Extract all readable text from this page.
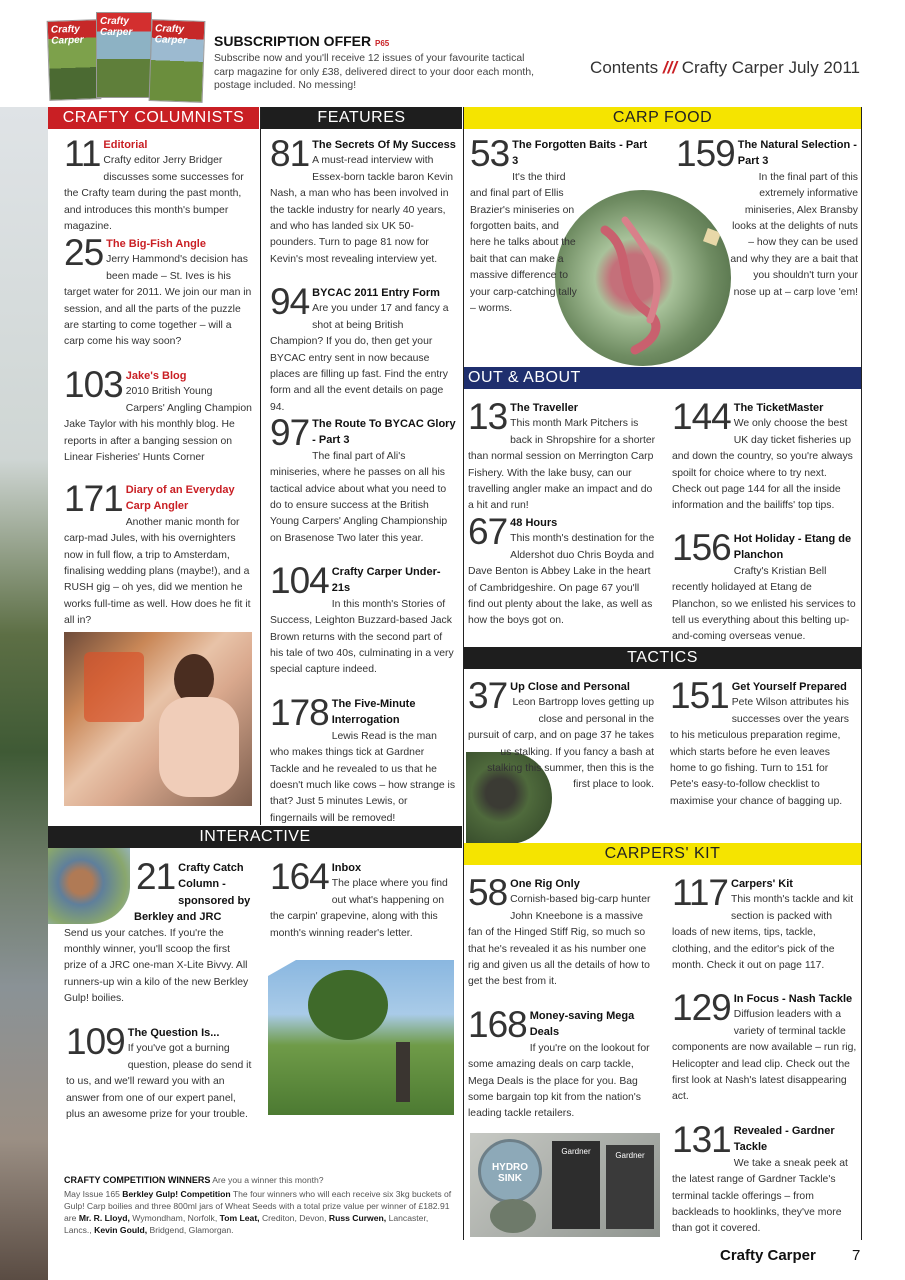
Crafty Carper
Crafty Carper	Crafty Carper	SUBSCRIPTION OFFER P65
Subscribe now and you'll receive 12 issues of your favourite tactical carp magazine for only £38, delivered direct to your door each month, postage included. No messing!
Contents /// Crafty Carper July 2011
CRAFTY COLUMNISTS	FEATURES	CARP FOOD
11 Editorial
Crafty editor Jerry Bridger discusses some successes for the Crafty team during the past month, and introduces this month's bumper magazine.
25 The Big-Fish Angle
Jerry Hammond's decision has been made – St. Ives is his target water for 2011. We join our man in session, and all the parts of the puzzle are starting to come together – will a carp come his way soon?
103 Jake's Blog
2010 British Young Carpers' Angling Champion Jake Taylor with his monthly blog. He reports in after a banging session on Linear Fisheries' Hunts Corner
171 Diary of an Everyday Carp Angler
Another manic month for carp-mad Jules, with his overnighters now in full flow, a trip to Amsterdam, finalising wedding plans (maybe!), and a RUSH gig – oh yes, did we mention he works full-time as well. How does he fit it all in?
81 The Secrets Of My Success
A must-read interview with Essex-born tackle baron Kevin Nash, a man who has been involved in the tackle industry for nearly 40 years, and who has landed six UK 50-pounders. Turn to page 81 now for Kevin's most revealing interview yet.
94 BYCAC 2011 Entry Form
Are you under 17 and fancy a shot at being British Champion? If you do, then get your BYCAC entry sent in now because places are filling up fast. Find the entry form and all the event details on page 94.
97 The Route To BYCAC Glory - Part 3
The final part of Ali's miniseries, where he passes on all his tactical advice about what you need to do to ensure success at the British Young Carpers' Angling Championship on Brasenose Two later this year.
104 Crafty Carper Under-21s
In this month's Stories of Success, Leighton Buzzard-based Jack Brown returns with the second part of his tale of two 40s, culminating in a very special capture indeed.
178 The Five-Minute Interrogation
Lewis Read is the man who makes things tick at Gardner Tackle and he revealed to us that he doesn't much like cows – how strange is that? Just 5 minutes Lewis, or fingernails will be removed!
53 The Forgotten Baits - Part 3
It's the third and final part of Ellis Brazier's miniseries on forgotten baits, and here he talks about the bait that can make a massive difference to your carp-catching tally – worms.
159 The Natural Selection - Part 3
In the final part of this extremely informative miniseries, Alex Bransby looks at the delights of nuts – how they can be used and why they are a bait that you shouldn't turn your nose up at – carp love 'em!
OUT & ABOUT
13 The Traveller
This month Mark Pitchers is back in Shropshire for a shorter than normal session on Merrington Carp Fishery. With the lake busy, can our travelling angler make an impact and do a hit and run!
144 The TicketMaster
We only choose the best UK day ticket fisheries up and down the country, so you're always spoilt for choice where to try next. Check out page 144 for all the inside information and the bailiffs' top tips.
67 48 Hours
This month's destination for the Aldershot duo Chris Boyda and Dave Benton is Abbey Lake in the heart of Cambridgeshire. On page 67 you'll find out plenty about the lake, as well as how the boys got on.
156 Hot Holiday - Etang de Planchon
Crafty's Kristian Bell recently holidayed at Etang de Planchon, so we enlisted his services to tell us everything about this belting up-and-coming overseas venue.
TACTICS
37 Up Close and Personal
Leon Bartropp loves getting up close and personal in the pursuit of carp, and on page 37 he takes us stalking. If you fancy a bash at stalking this summer, then this is the first place to look.
151 Get Yourself Prepared
Pete Wilson attributes his successes over the years to his meticulous preparation regime, which starts before he even leaves home to go fishing. Turn to 151 for Pete's easy-to-follow checklist to maximise your chance of bagging up.
INTERACTIVE
21 Crafty Catch Column - sponsored by Berkley and JRC
Send us your catches. If you're the monthly winner, you'll scoop the first prize of a JRC one-man X-Lite Bivvy. All runners-up win a kilo of the new Berkley Gulp! boilies.
164 Inbox
The place where you find out what's happening on the carpin' grapevine, along with this month's winning reader's letter.
109 The Question Is...
If you've got a burning question, please do send it to us, and we'll reward you with an answer from one of our expert panel, plus an awesome prize for your trouble.
CRAFTY COMPETITION WINNERS Are you a winner this month?
May Issue 165 Berkley Gulp! Competition The four winners who will each receive six 3kg buckets of Gulp! Carp boilies and three 800ml jars of Wheat Seeds with a total prize value per winner of £182.91 are Mr. R. Lloyd, Wymondham, Norfolk, Tom Leat, Crediton, Devon, Russ Curwen, Lancaster, Lancs., Kevin Gould, Bridgend, Glamorgan.
CARPERS' KIT
58 One Rig Only
Cornish-based big-carp hunter John Kneebone is a massive fan of the Hinged Stiff Rig, so much so that he's revealed it as his number one rig and given us all the details of how to get the best from it.
117 Carpers' Kit
This month's tackle and kit section is packed with loads of new items, tips, tackle, clothing, and the editor's pick of the month. Check it out on page 117.
168 Money-saving Mega Deals
If you're on the lookout for some amazing deals on carp tackle, Mega Deals is the place for you. Bag some bargain top kit from the nation's leading tackle retailers.
129 In Focus - Nash Tackle
Diffusion leaders with a variety of terminal tackle components are now available – run rig, Helicopter and lead clip. Check out the first look at Nash's latest disappearing act.
131 Revealed - Gardner Tackle
We take a sneak peek at the latest range of Gardner Tackle's terminal tackle offerings – from backleads to hooklinks, they've more than got it covered.
HYDRO SINK
Gardner	Gardner
Crafty Carper 7
